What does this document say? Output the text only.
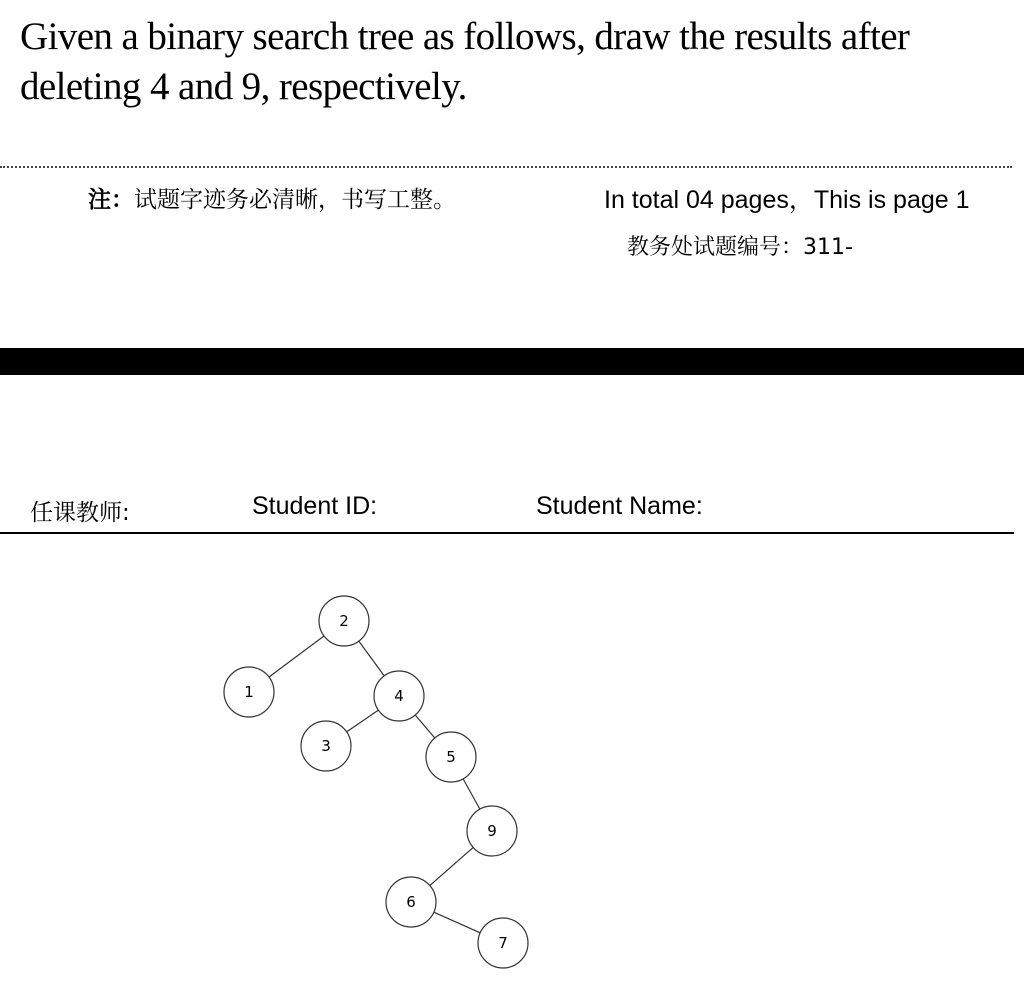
Given a binary search tree as follows, draw the results after
deleting 4 and 9, respectively.
注：试题字迹务必清晰，书写工整。	In total 04 pages，This is page 1
教务处试题编号：311-
任课教师:	Student ID:	Student Name:
2
1	4
3
5
9
6
7
